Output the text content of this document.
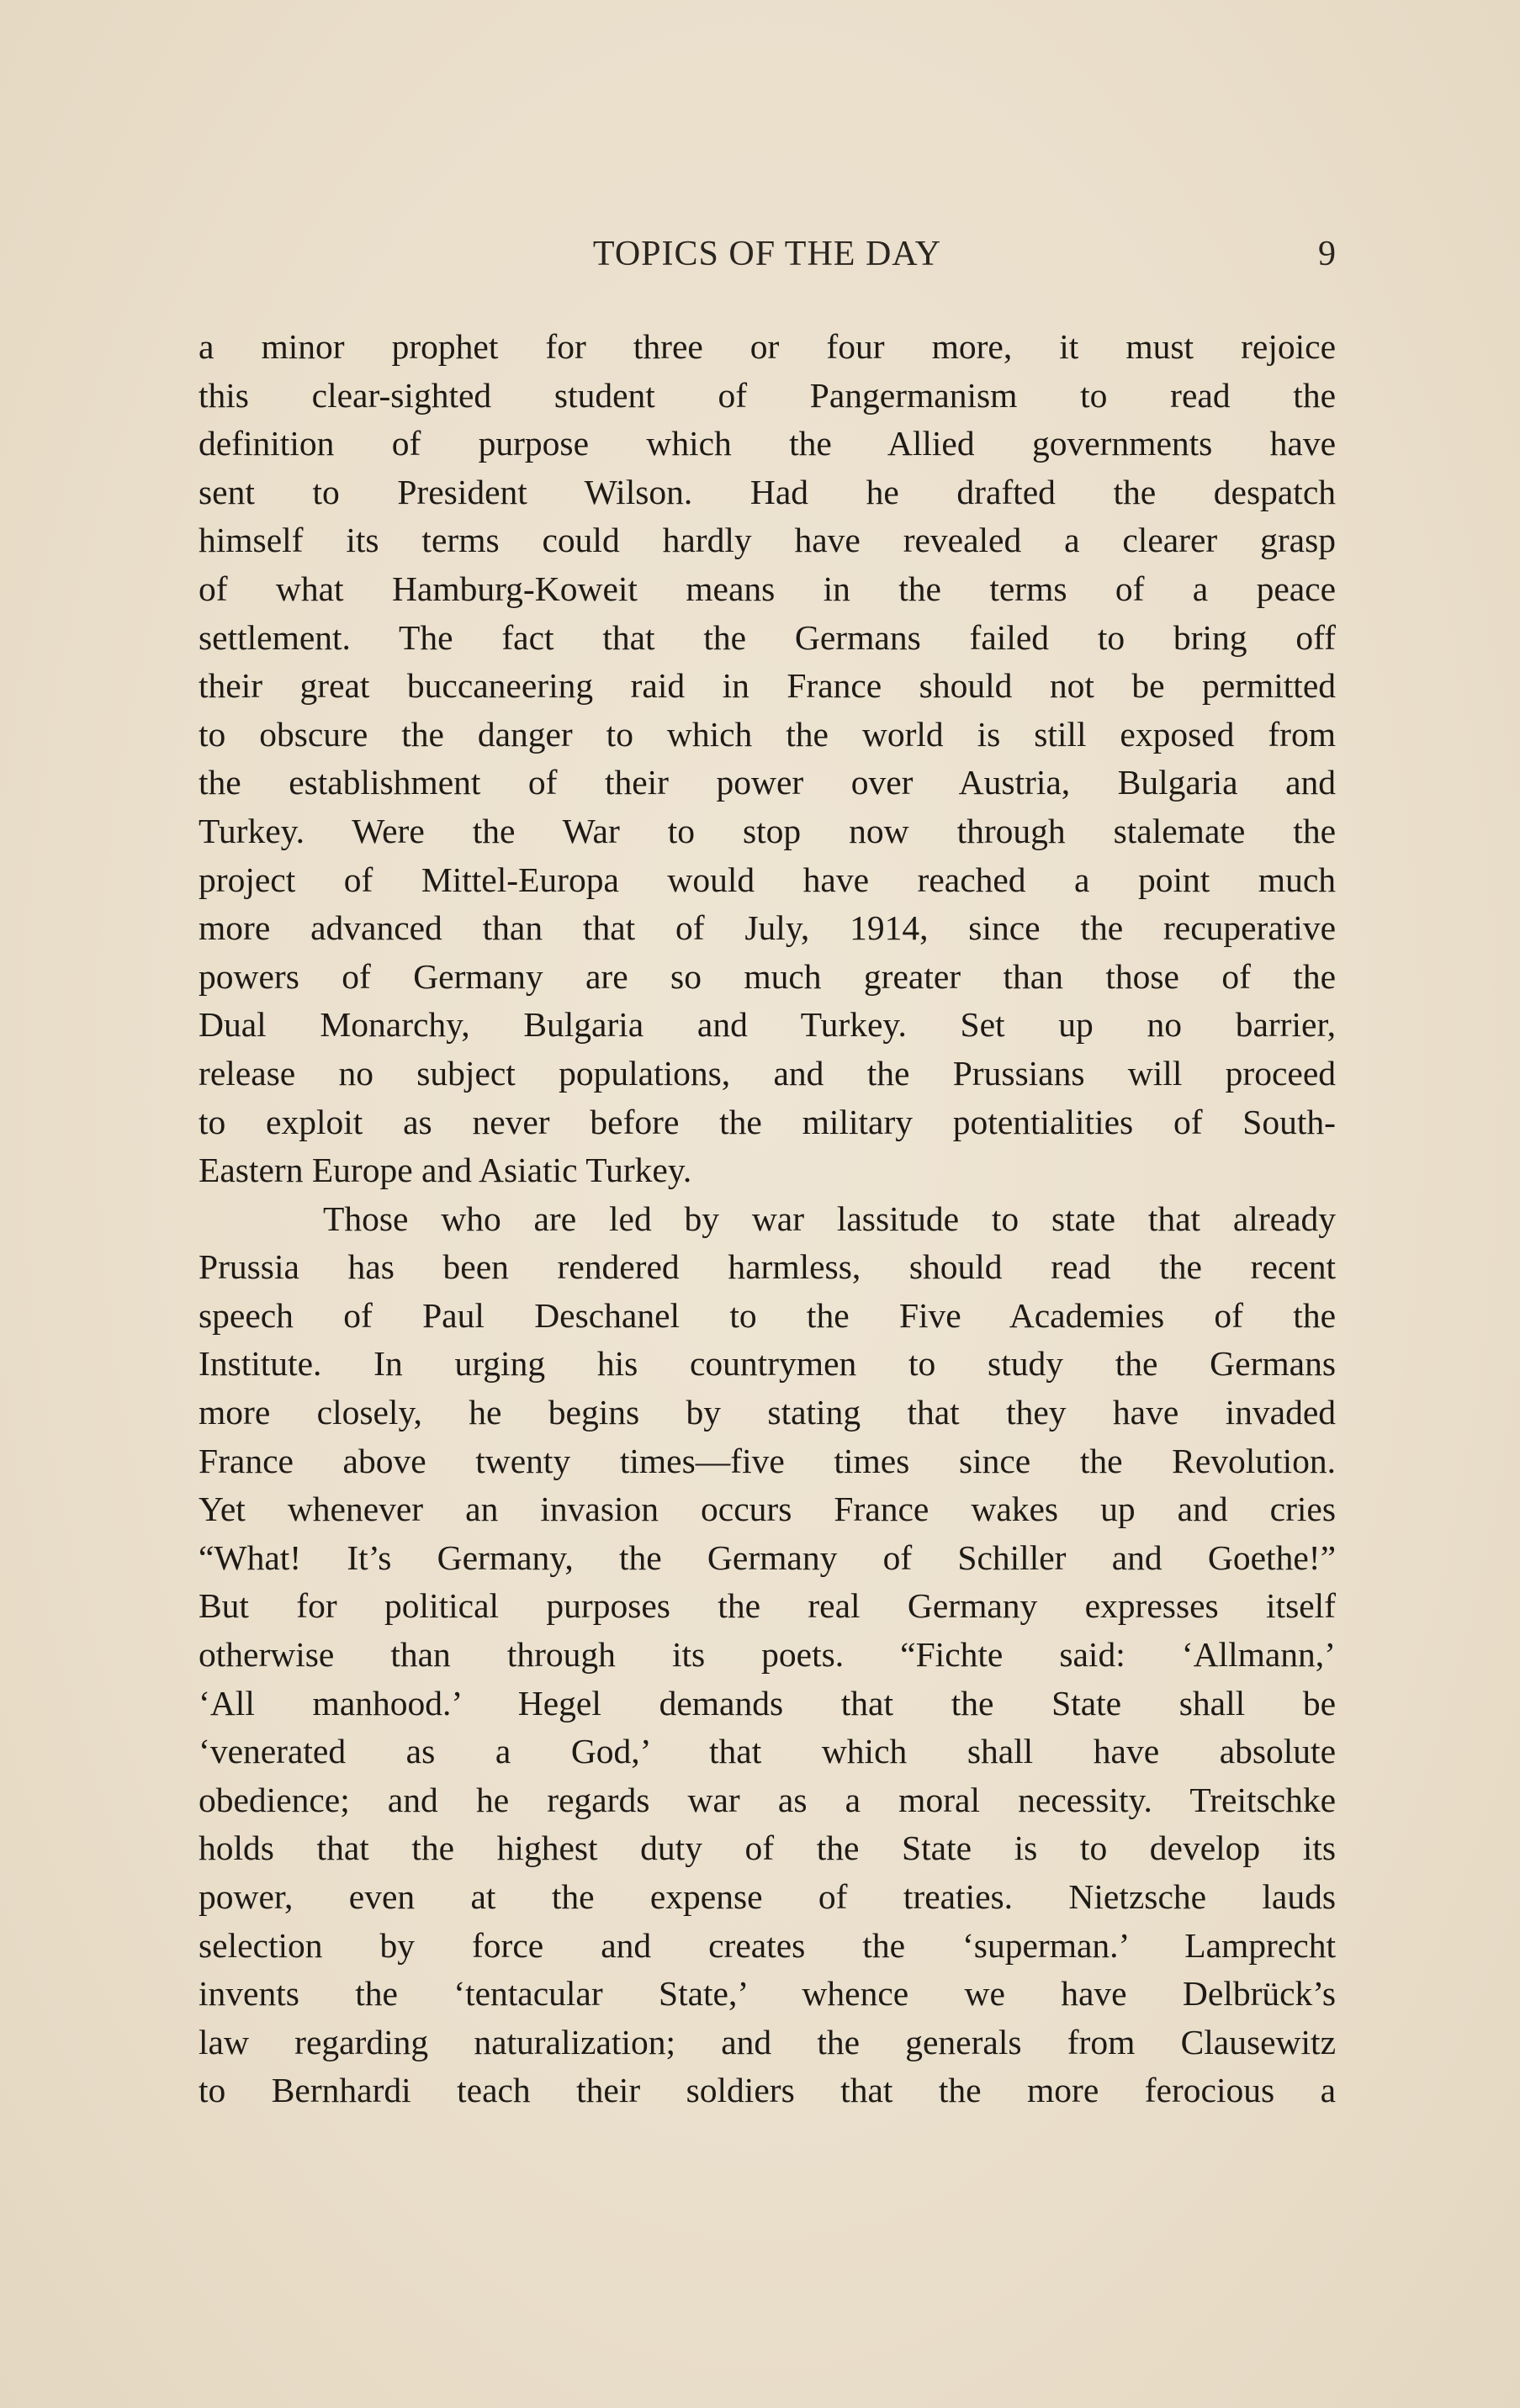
TOPICS OF THE DAY	9
a minor prophet for three or four more, it must rejoice
this clear-sighted student of Pangermanism to read the
definition of purpose which the Allied governments have
sent to President Wilson. Had he drafted the despatch
himself its terms could hardly have revealed a clearer grasp
of what Hamburg-Koweit means in the terms of a peace
settlement. The fact that the Germans failed to bring off
their great buccaneering raid in France should not be permitted
to obscure the danger to which the world is still exposed from
the establishment of their power over Austria, Bulgaria and
Turkey. Were the War to stop now through stalemate the
project of Mittel-Europa would have reached a point much
more advanced than that of July, 1914, since the recuperative
powers of Germany are so much greater than those of the
Dual Monarchy, Bulgaria and Turkey. Set up no barrier,
release no subject populations, and the Prussians will proceed
to exploit as never before the military potentialities of South-
Eastern Europe and Asiatic Turkey.
Those who are led by war lassitude to state that already
Prussia has been rendered harmless, should read the recent
speech of Paul Deschanel to the Five Academies of the
Institute. In urging his countrymen to study the Germans
more closely, he begins by stating that they have invaded
France above twenty times—five times since the Revolution.
Yet whenever an invasion occurs France wakes up and cries
“What! It’s Germany, the Germany of Schiller and Goethe!”
But for political purposes the real Germany expresses itself
otherwise than through its poets. “Fichte said: ‘Allmann,’
‘All manhood.’ Hegel demands that the State shall be
‘venerated as a God,’ that which shall have absolute
obedience; and he regards war as a moral necessity. Treitschke
holds that the highest duty of the State is to develop its
power, even at the expense of treaties. Nietzsche lauds
selection by force and creates the ‘superman.’ Lamprecht
invents the ‘tentacular State,’ whence we have Delbrück’s
law regarding naturalization; and the generals from Clausewitz
to Bernhardi teach their soldiers that the more ferocious a
